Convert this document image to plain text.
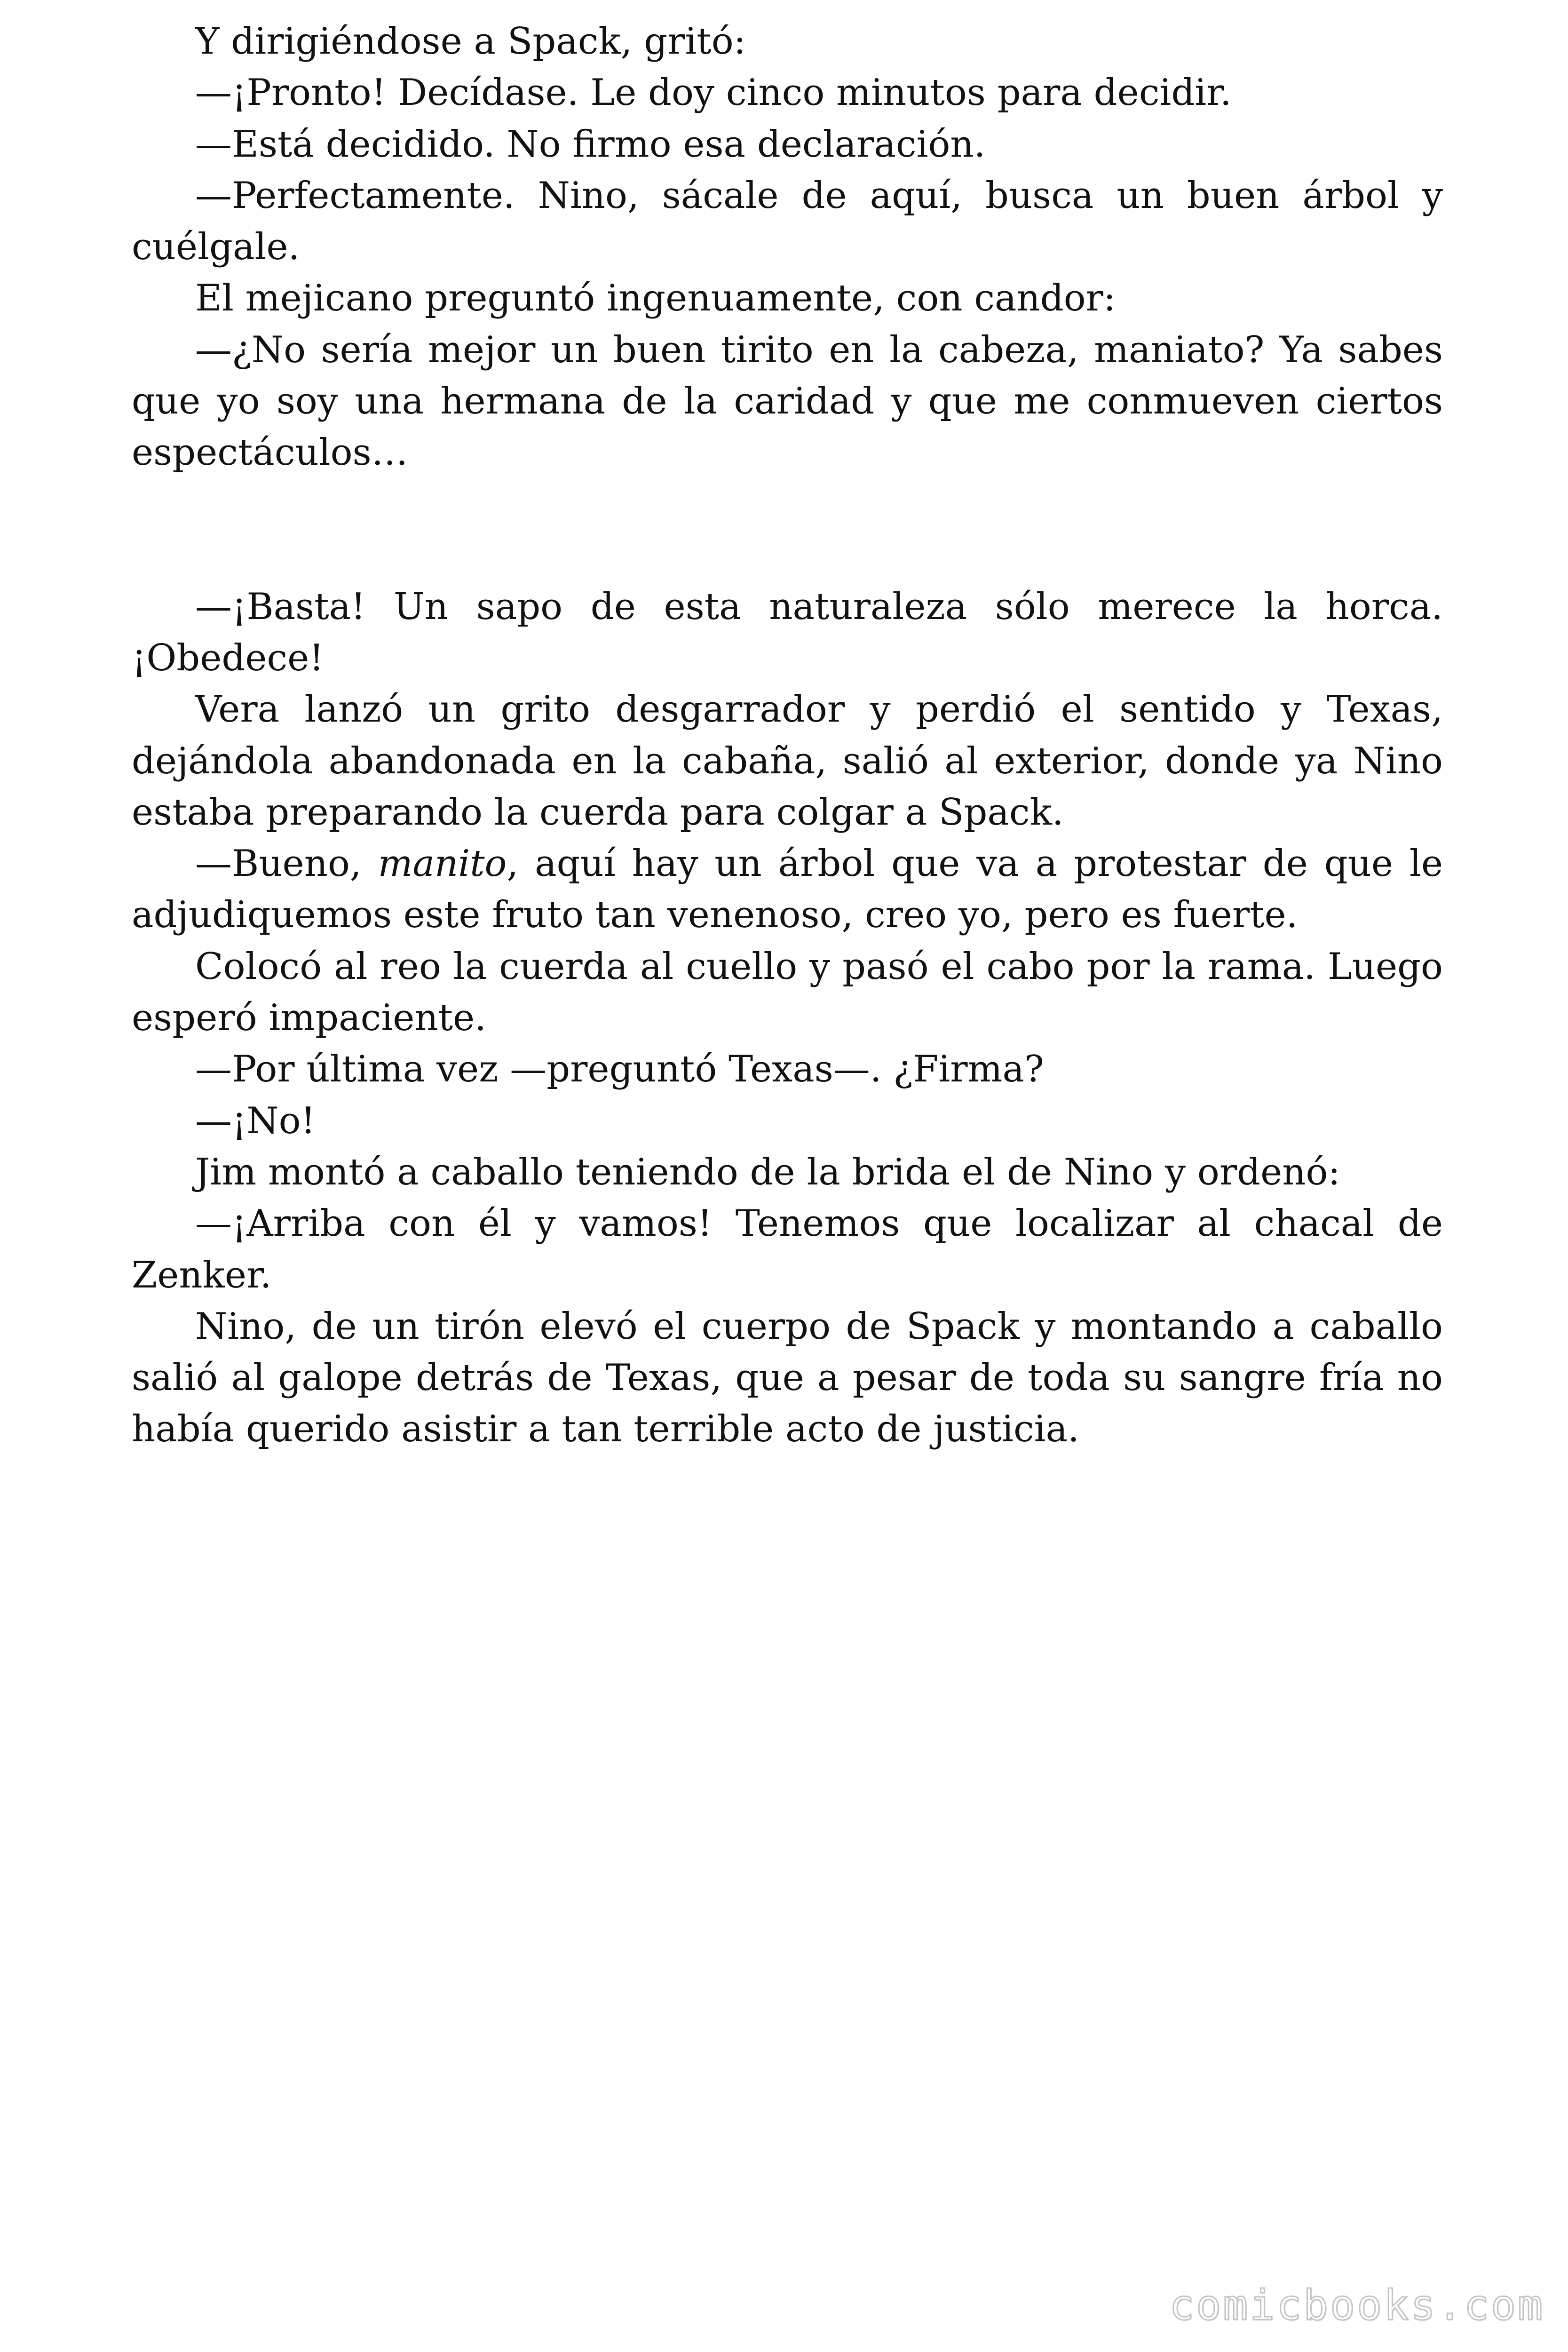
Y dirigiéndose a Spack, gritó:

—¡Pronto! Decídase. Le doy cinco minutos para decidir.

—Está decidido. No firmo esa declaración.

—Perfectamente. Nino, sácale de aquí, busca un buen árbol y cuélgale.

El mejicano preguntó ingenuamente, con candor:

—¿No sería mejor un buen tirito en la cabeza, maniato? Ya sabes que yo soy una hermana de la caridad y que me conmueven ciertos espectáculos…

—¡Basta! Un sapo de esta naturaleza sólo merece la horca. ¡Obedece!

Vera lanzó un grito desgarrador y perdió el sentido y Texas, dejándola abandonada en la cabaña, salió al exterior, donde ya Nino estaba preparando la cuerda para colgar a Spack.

—Bueno, manito, aquí hay un árbol que va a protestar de que le adjudiquemos este fruto tan venenoso, creo yo, pero es fuerte.

Colocó al reo la cuerda al cuello y pasó el cabo por la rama. Luego esperó impaciente.

—Por última vez —preguntó Texas—. ¿Firma?

—¡No!

Jim montó a caballo teniendo de la brida el de Nino y ordenó:

—¡Arriba con él y vamos! Tenemos que localizar al chacal de Zenker.

Nino, de un tirón elevó el cuerpo de Spack y montando a caballo salió al galope detrás de Texas, que a pesar de toda su sangre fría no había querido asistir a tan terrible acto de justicia.

comicbooks.com
